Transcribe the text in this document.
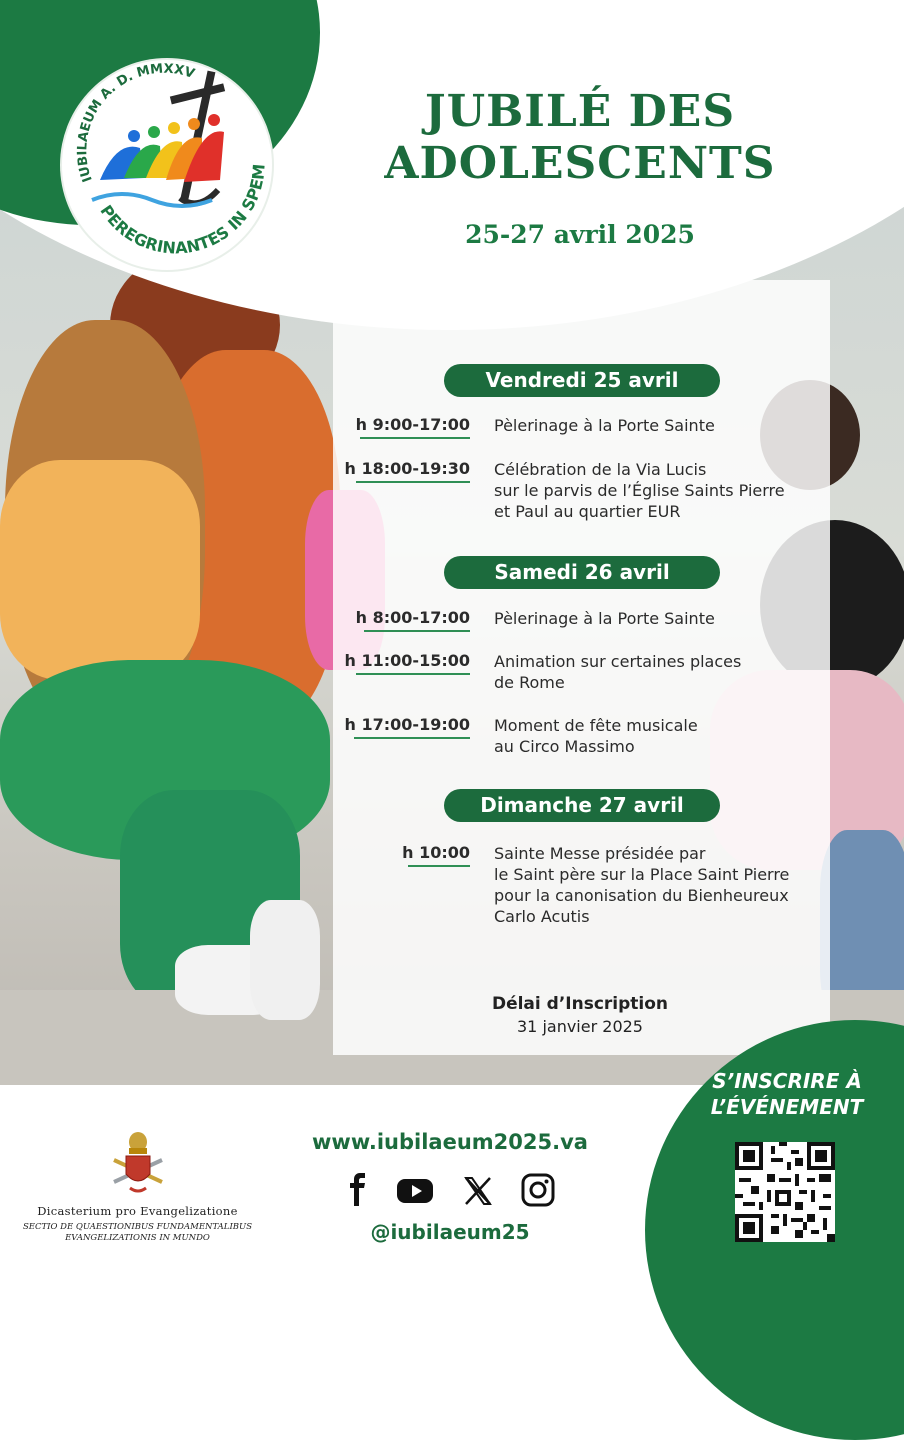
IUBILAEUM A. D. MMXXV
PEREGRINANTES IN SPEM
JUBILÉ DES
ADOLESCENTS
25-27 avril 2025
Vendredi 25 avril
h 9:00-17:00 Pèlerinage à la Porte Sainte
h 18:00-19:30 Célébration de la Via Lucis
sur le parvis de l’Église Saints Pierre
et Paul au quartier EUR
Samedi 26 avril
h 8:00-17:00 Pèlerinage à la Porte Sainte
h 11:00-15:00 Animation sur certaines places
de Rome
h 17:00-19:00 Moment de fête musicale
au Circo Massimo
Dimanche 27 avril
h 10:00 Sainte Messe présidée par
le Saint père sur la Place Saint Pierre
pour la canonisation du Bienheureux
Carlo Acutis
Délai d’Inscription
31 janvier 2025
S’INSCRIRE À
L’ÉVÉNEMENT
www.iubilaeum2025.va
@iubilaeum25
Dicasterium pro Evangelizatione
SECTIO DE QUAESTIONIBUS FUNDAMENTALIBUS
EVANGELIZATIONIS IN MUNDO
